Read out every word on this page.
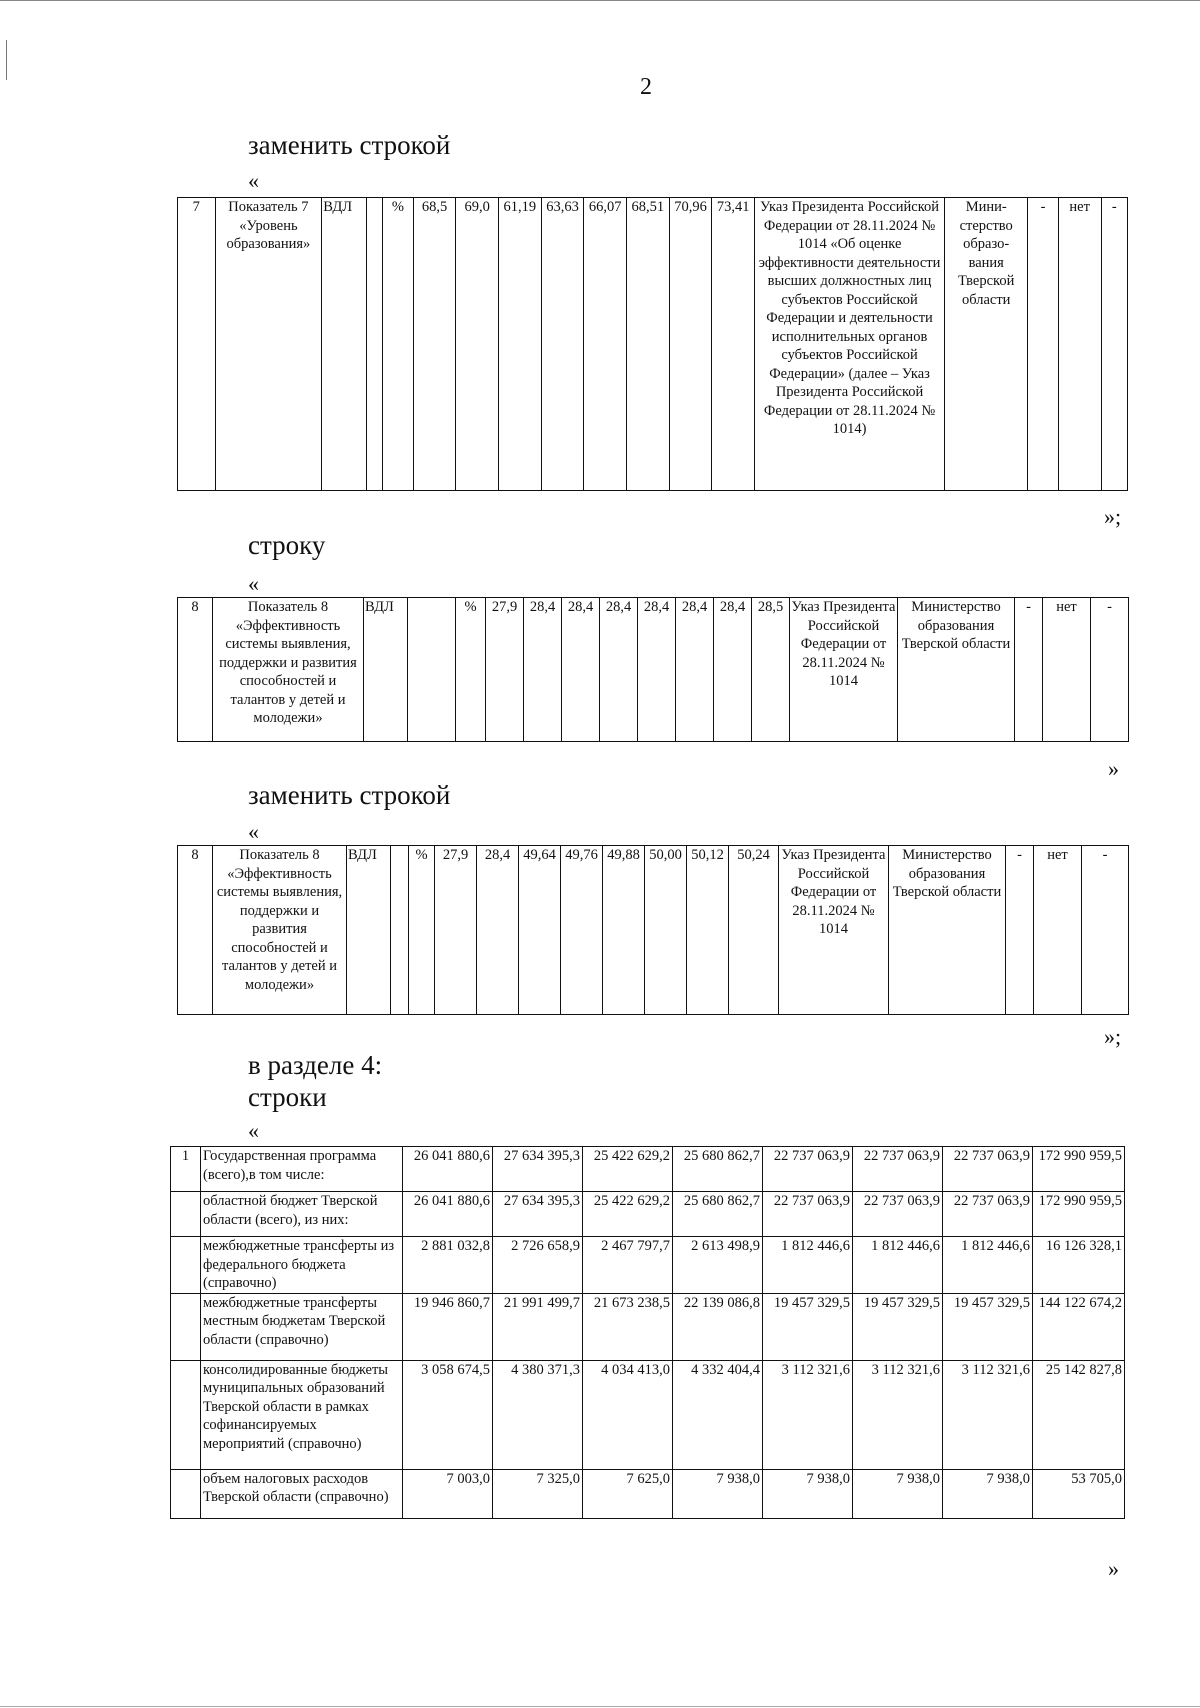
2
заменить строкой
«
7	Показатель 7 «Уровень образования»	ВДЛ		%	68,5	69,0	61,19	63,63	66,07	68,51	70,96	73,41	Указ Президента Российской Федерации от 28.11.2024 № 1014 «Об оценке эффективности деятельности высших должностных лиц субъектов Российской Федерации и деятельности исполнительных органов субъектов Российской Федерации» (далее – Указ Президента Российской Федерации от 28.11.2024 № 1014)	Мини-стерство образо-вания Тверской области	-	нет	-
»;
строку
«
8	Показатель 8 «Эффективность системы выявления, поддержки и развития способностей и талантов у детей и молодежи»	ВДЛ		%	27,9	28,4	28,4	28,4	28,4	28,4	28,4	28,5	Указ Президента Российской Федерации от 28.11.2024 № 1014	Министерство образования Тверской области	-	нет	-
»
заменить строкой
«
8	Показатель 8 «Эффективность системы выявления, поддержки и развития способностей и талантов у детей и молодежи»	ВДЛ		%	27,9	28,4	49,64	49,76	49,88	50,00	50,12	50,24	Указ Президента Российской Федерации от 28.11.2024 № 1014	Министерство образования Тверской области	-	нет	-
»;
в разделе 4:
строки
«
1	Государственная программа (всего),в том числе:	26 041 880,6	27 634 395,3	25 422 629,2	25 680 862,7	22 737 063,9	22 737 063,9	22 737 063,9	172 990 959,5
	областной бюджет Тверской области (всего), из них:	26 041 880,6	27 634 395,3	25 422 629,2	25 680 862,7	22 737 063,9	22 737 063,9	22 737 063,9	172 990 959,5
	межбюджетные трансферты из федерального бюджета (справочно)	2 881 032,8	2 726 658,9	2 467 797,7	2 613 498,9	1 812 446,6	1 812 446,6	1 812 446,6	16 126 328,1
	межбюджетные трансферты местным бюджетам Тверской области (справочно)	19 946 860,7	21 991 499,7	21 673 238,5	22 139 086,8	19 457 329,5	19 457 329,5	19 457 329,5	144 122 674,2
	консолидированные бюджеты муниципальных образований Тверской области в рамках софинансируемых мероприятий (справочно)	3 058 674,5	4 380 371,3	4 034 413,0	4 332 404,4	3 112 321,6	3 112 321,6	3 112 321,6	25 142 827,8
	объем налоговых расходов Тверской области (справочно)	7 003,0	7 325,0	7 625,0	7 938,0	7 938,0	7 938,0	7 938,0	53 705,0
»
